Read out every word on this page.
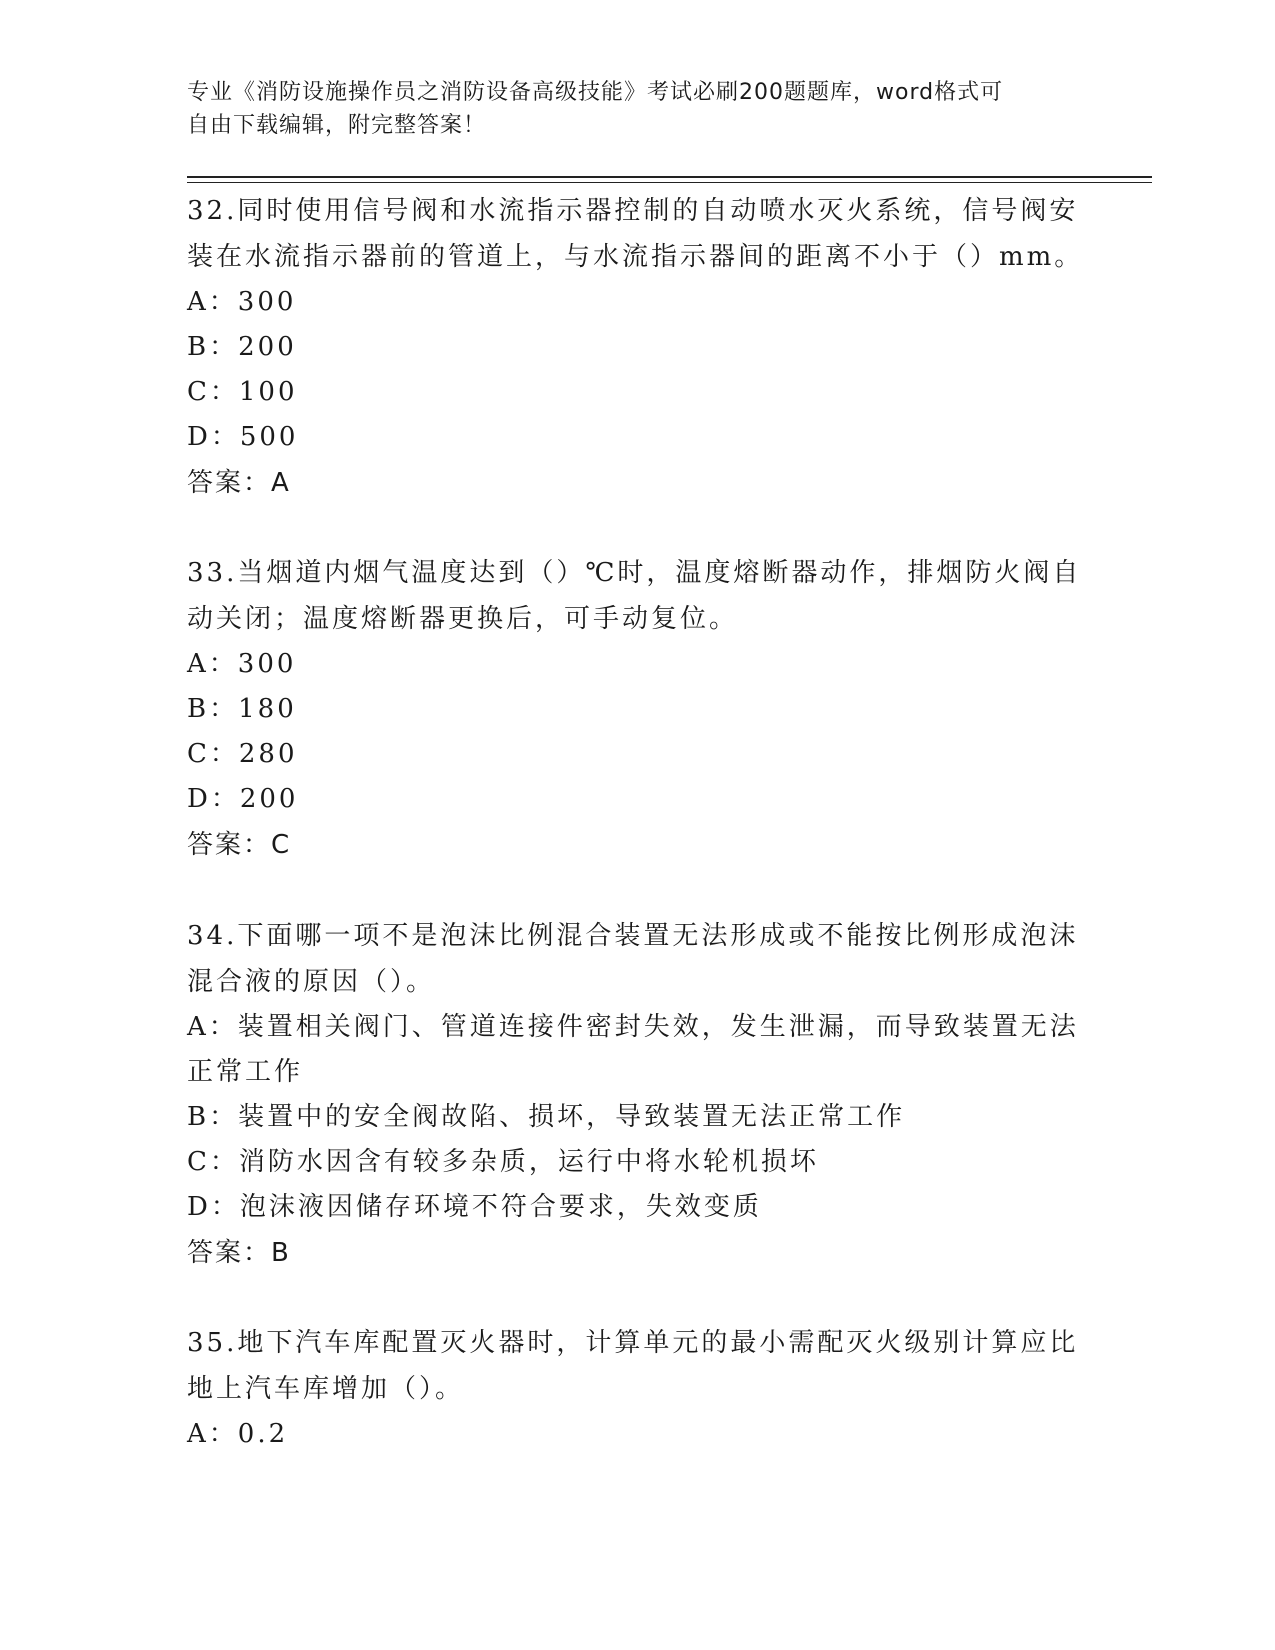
专业《消防设施操作员之消防设备高级技能》考试必刷200题题库，word格式可
自由下载编辑，附完整答案！
32.同时使用信号阀和水流指示器控制的自动喷水灭火系统，信号阀安
装在水流指示器前的管道上，与水流指示器间的距离不小于（）mm。
A：300
B：200
C：100
D：500
答案：A
33.当烟道内烟气温度达到（）℃时，温度熔断器动作，排烟防火阀自
动关闭；温度熔断器更换后，可手动复位。
A：300
B：180
C：280
D：200
答案：C
34.下面哪一项不是泡沫比例混合装置无法形成或不能按比例形成泡沫
混合液的原因（）。
A：装置相关阀门、管道连接件密封失效，发生泄漏，而导致装置无法
正常工作
B：装置中的安全阀故陷、损坏，导致装置无法正常工作
C：消防水因含有较多杂质，运行中将水轮机损坏
D：泡沫液因储存环境不符合要求，失效变质
答案：B
35.地下汽车库配置灭火器时，计算单元的最小需配灭火级别计算应比
地上汽车库增加（）。
A：0.2
